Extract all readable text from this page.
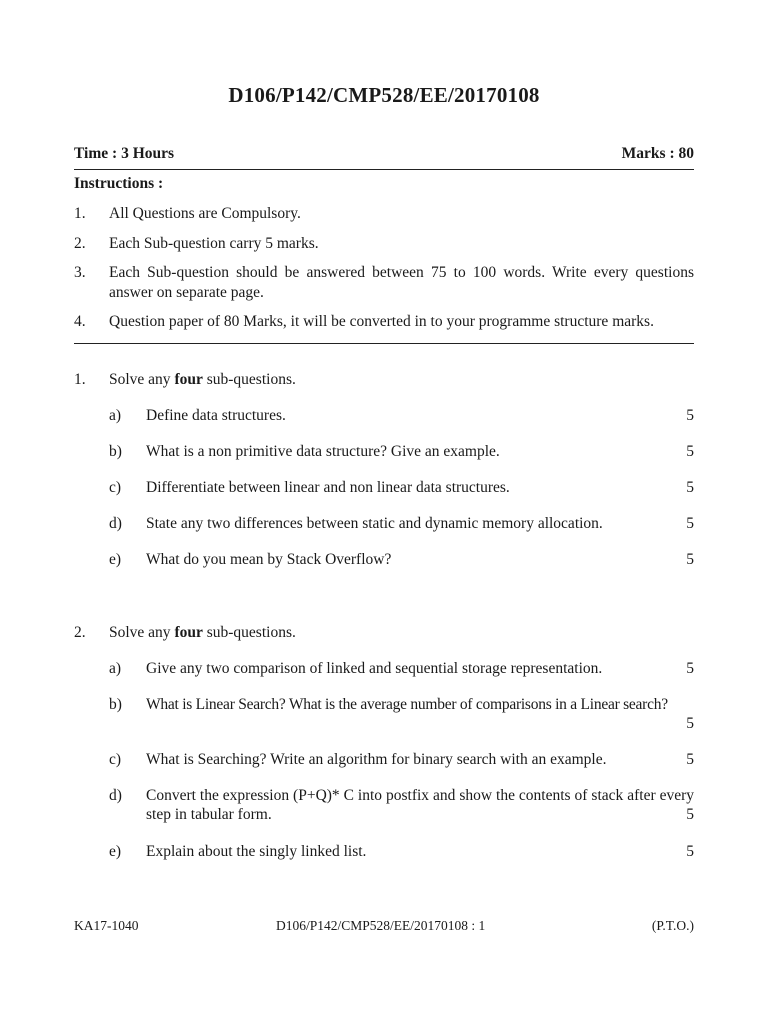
D106/P142/CMP528/EE/20170108
Time : 3 Hours	Marks : 80
Instructions :
1. All Questions are Compulsory.
2. Each Sub-question carry 5 marks.
3. Each Sub-question should be answered between 75 to 100 words. Write every questions answer on separate page.
4. Question paper of 80 Marks, it will be converted in to your programme structure marks.
1. Solve any four sub-questions.
a) Define data structures.	5
b) What is a non primitive data structure? Give an example.	5
c) Differentiate between linear and non linear data structures.	5
d) State any two differences between static and dynamic memory allocation.	5
e) What do you mean by Stack Overflow?	5
2. Solve any four sub-questions.
a) Give any two comparison of linked and sequential storage representation.	5
b) What is Linear Search? What is the average number of comparisons in a Linear search?
5
c) What is Searching? Write an algorithm for binary search with an example.	5
d) Convert the expression (P+Q)* C into postfix and show the contents of stack after every step in tabular form.	5
e) Explain about the singly linked list.	5
KA17-1040	D106/P142/CMP528/EE/20170108 : 1	(P.T.O.)
